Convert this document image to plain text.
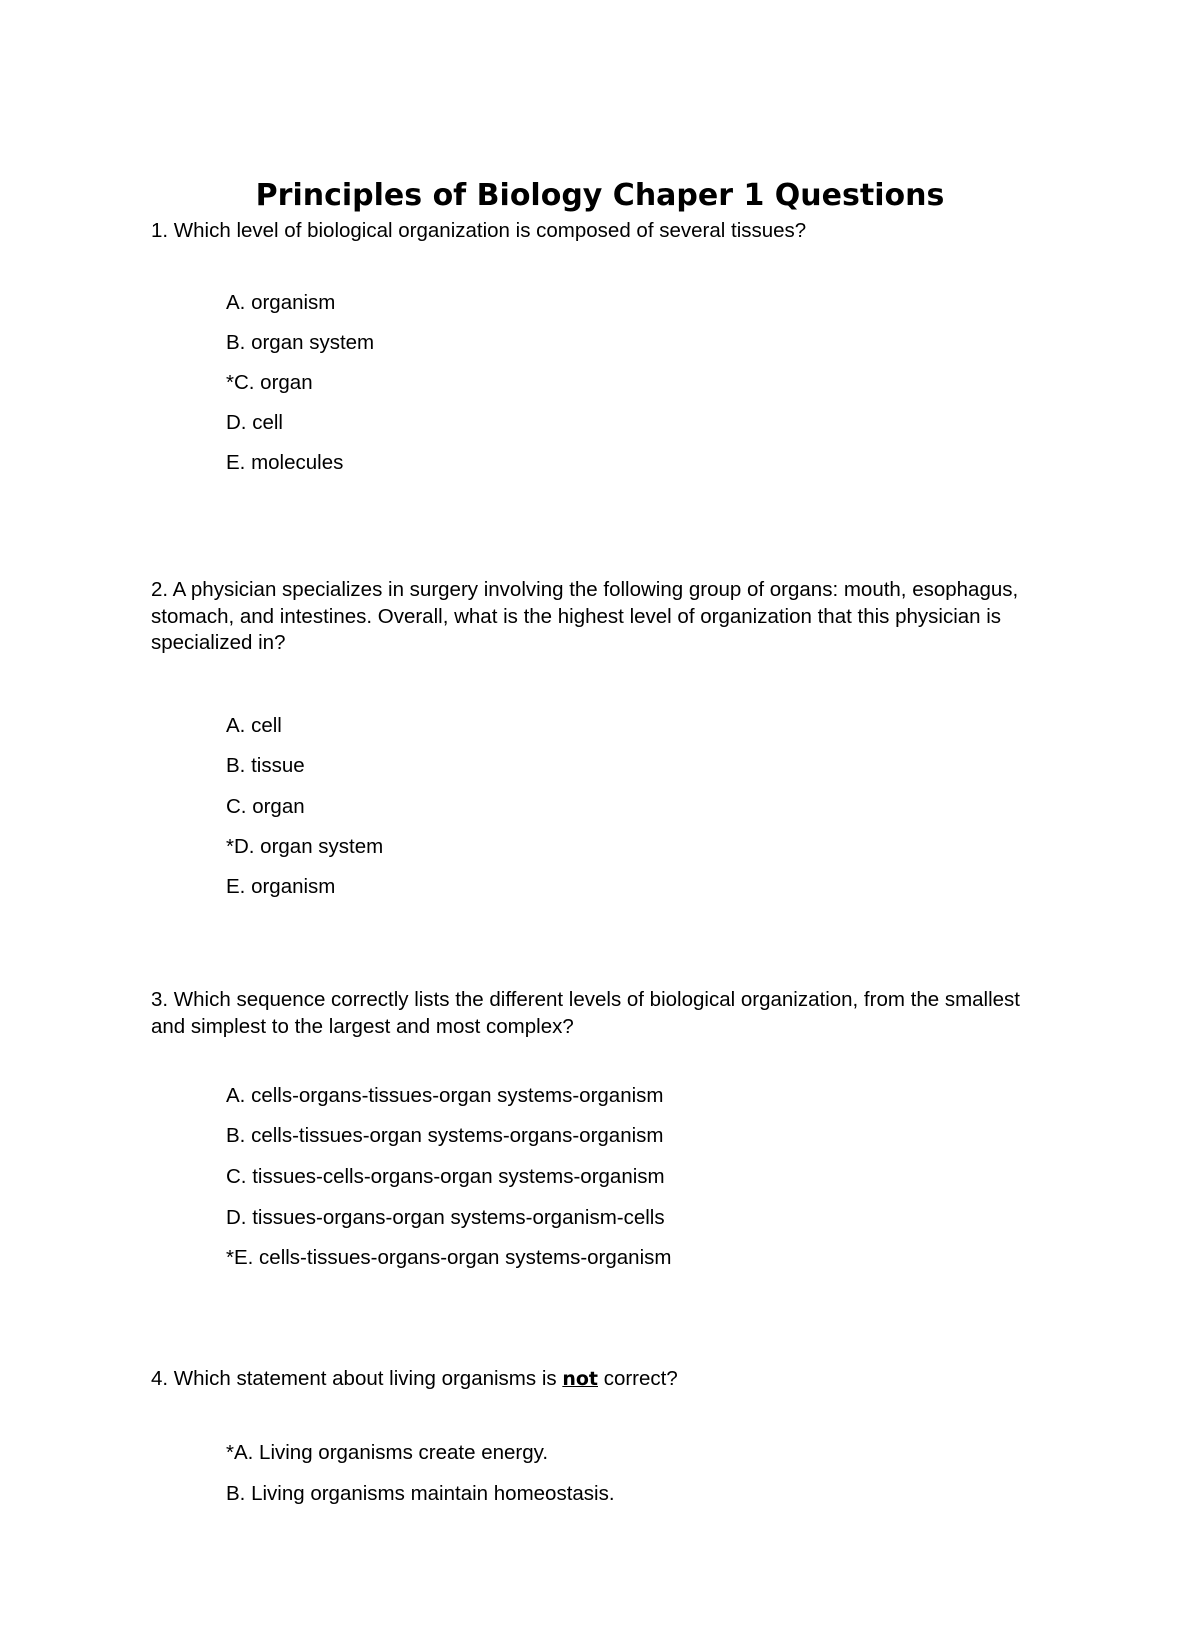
Principles of Biology Chaper 1 Questions

1. Which level of biological organization is composed of several tissues?

A. organism

B. organ system

*C. organ

D. cell

E. molecules

2. A physician specializes in surgery involving the following group of organs: mouth, esophagus, stomach, and intestines. Overall, what is the highest level of organization that this physician is specialized in?

A. cell

B. tissue

C. organ

*D. organ system

E. organism

3. Which sequence correctly lists the different levels of biological organization, from the smallest and simplest to the largest and most complex?

A. cells-organs-tissues-organ systems-organism

B. cells-tissues-organ systems-organs-organism

C. tissues-cells-organs-organ systems-organism

D. tissues-organs-organ systems-organism-cells

*E. cells-tissues-organs-organ systems-organism

4. Which statement about living organisms is not correct?

*A. Living organisms create energy.

B. Living organisms maintain homeostasis.
